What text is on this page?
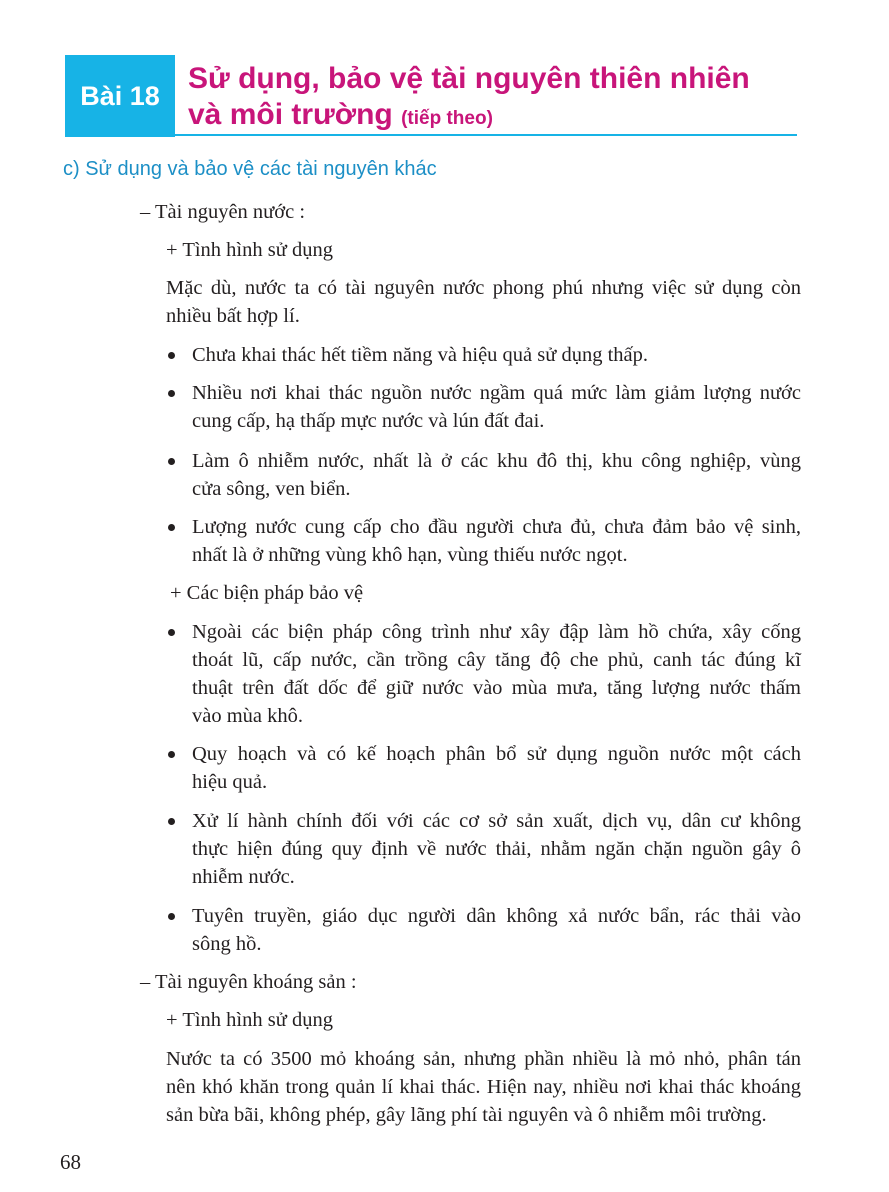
Bài 18
Sử dụng, bảo vệ tài nguyên thiên nhiên
và môi trường (tiếp theo)
c) Sử dụng và bảo vệ các tài nguyên khác
– Tài nguyên nước :
+ Tình hình sử dụng
Mặc dù, nước ta có tài nguyên nước phong phú nhưng việc sử dụng còn
nhiều bất hợp lí.
Chưa khai thác hết tiềm năng và hiệu quả sử dụng thấp.
Nhiều nơi khai thác nguồn nước ngầm quá mức làm giảm lượng nước
cung cấp, hạ thấp mực nước và lún đất đai.
Làm ô nhiễm nước, nhất là ở các khu đô thị, khu công nghiệp, vùng
cửa sông, ven biển.
Lượng nước cung cấp cho đầu người chưa đủ, chưa đảm bảo vệ sinh,
nhất là ở những vùng khô hạn, vùng thiếu nước ngọt.
+ Các biện pháp bảo vệ
Ngoài các biện pháp công trình như xây đập làm hồ chứa, xây cống
thoát lũ, cấp nước, cần trồng cây tăng độ che phủ, canh tác đúng kĩ
thuật trên đất dốc để giữ nước vào mùa mưa, tăng lượng nước thấm
vào mùa khô.
Quy hoạch và có kế hoạch phân bổ sử dụng nguồn nước một cách
hiệu quả.
Xử lí hành chính đối với các cơ sở sản xuất, dịch vụ, dân cư không
thực hiện đúng quy định về nước thải, nhằm ngăn chặn nguồn gây ô
nhiễm nước.
Tuyên truyền, giáo dục người dân không xả nước bẩn, rác thải vào
sông hồ.
– Tài nguyên khoáng sản :
+ Tình hình sử dụng
Nước ta có 3500 mỏ khoáng sản, nhưng phần nhiều là mỏ nhỏ, phân tán
nên khó khăn trong quản lí khai thác. Hiện nay, nhiều nơi khai thác khoáng
sản bừa bãi, không phép, gây lãng phí tài nguyên và ô nhiễm môi trường.
68
